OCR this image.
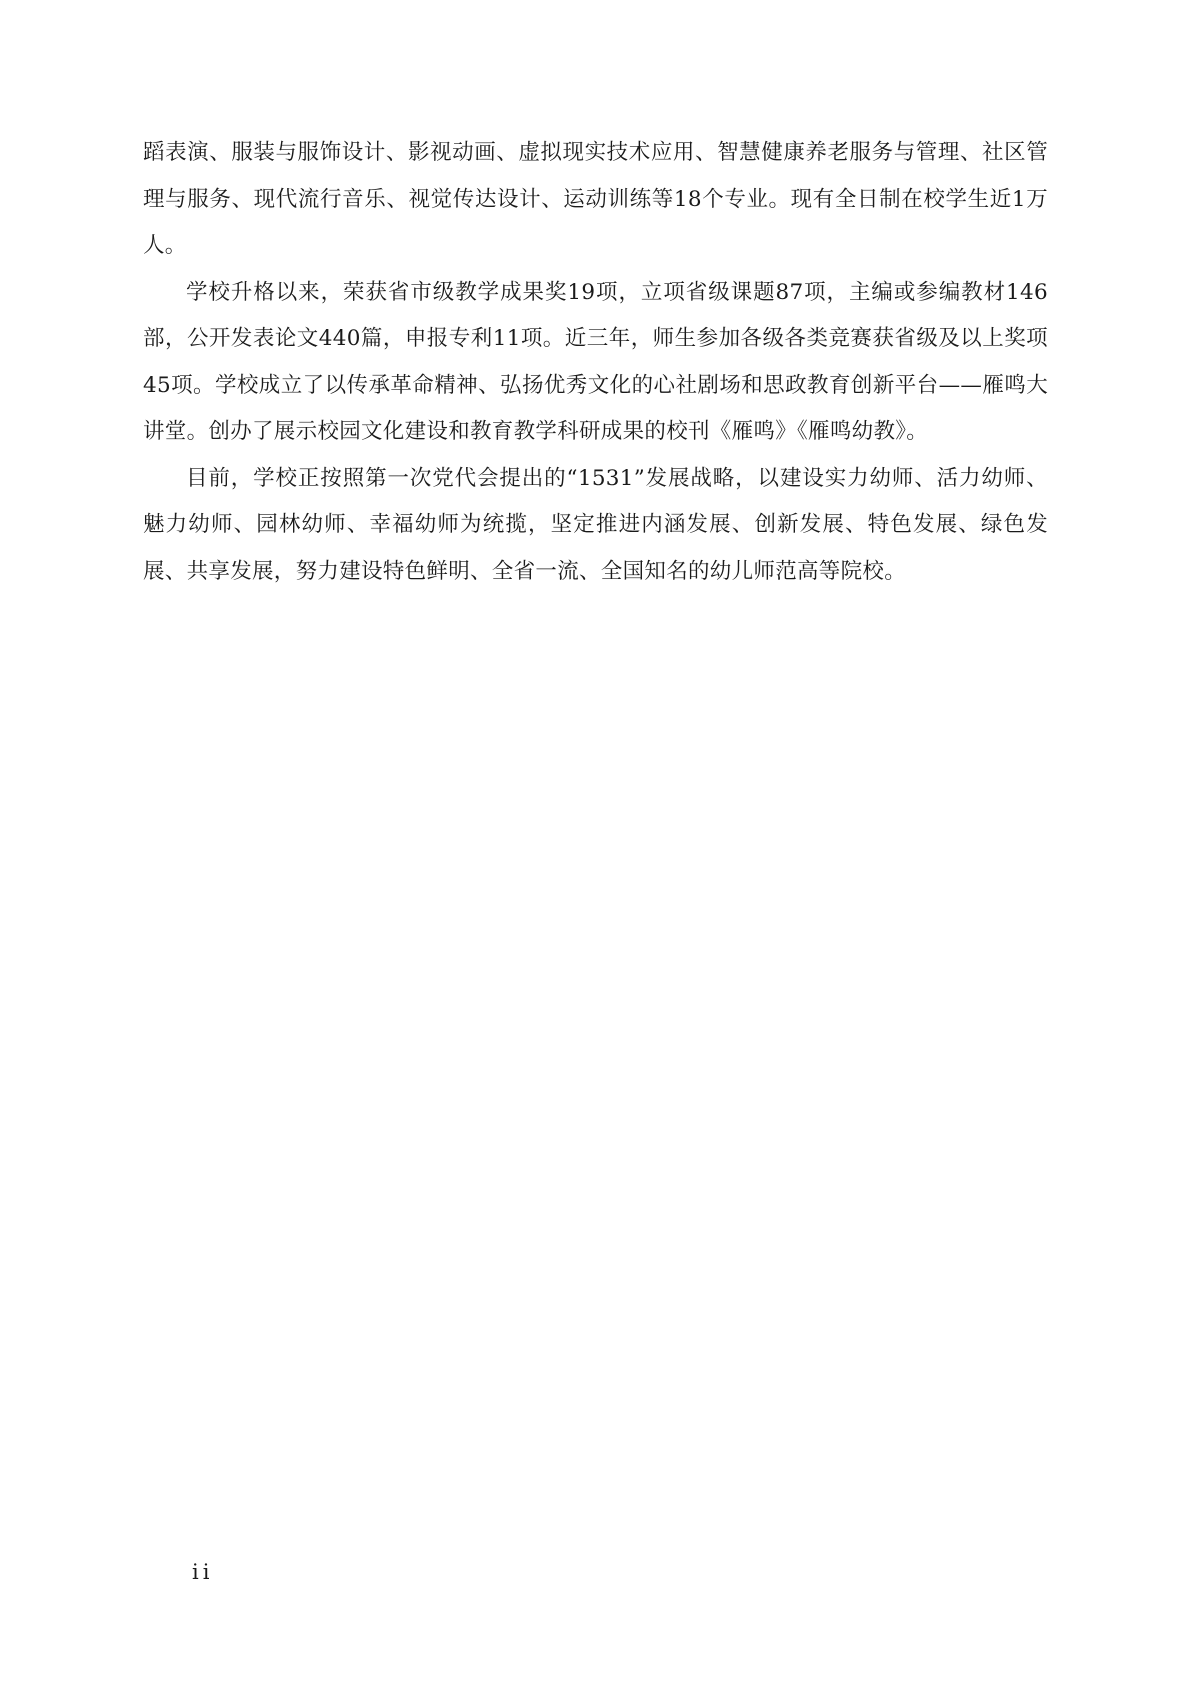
蹈表演、服装与服饰设计、影视动画、虚拟现实技术应用、智慧健康养老服务与管理、社区管理与服务、现代流行音乐、视觉传达设计、运动训练等18个专业。现有全日制在校学生近1万人。

学校升格以来，荣获省市级教学成果奖19项，立项省级课题87项，主编或参编教材146部，公开发表论文440篇，申报专利11项。近三年，师生参加各级各类竞赛获省级及以上奖项45项。学校成立了以传承革命精神、弘扬优秀文化的心社剧场和思政教育创新平台——雁鸣大讲堂。创办了展示校园文化建设和教育教学科研成果的校刊《雁鸣》《雁鸣幼教》。

目前，学校正按照第一次党代会提出的“1531”发展战略，以建设实力幼师、活力幼师、魅力幼师、园林幼师、幸福幼师为统揽，坚定推进内涵发展、创新发展、特色发展、绿色发展、共享发展，努力建设特色鲜明、全省一流、全国知名的幼儿师范高等院校。

ii
